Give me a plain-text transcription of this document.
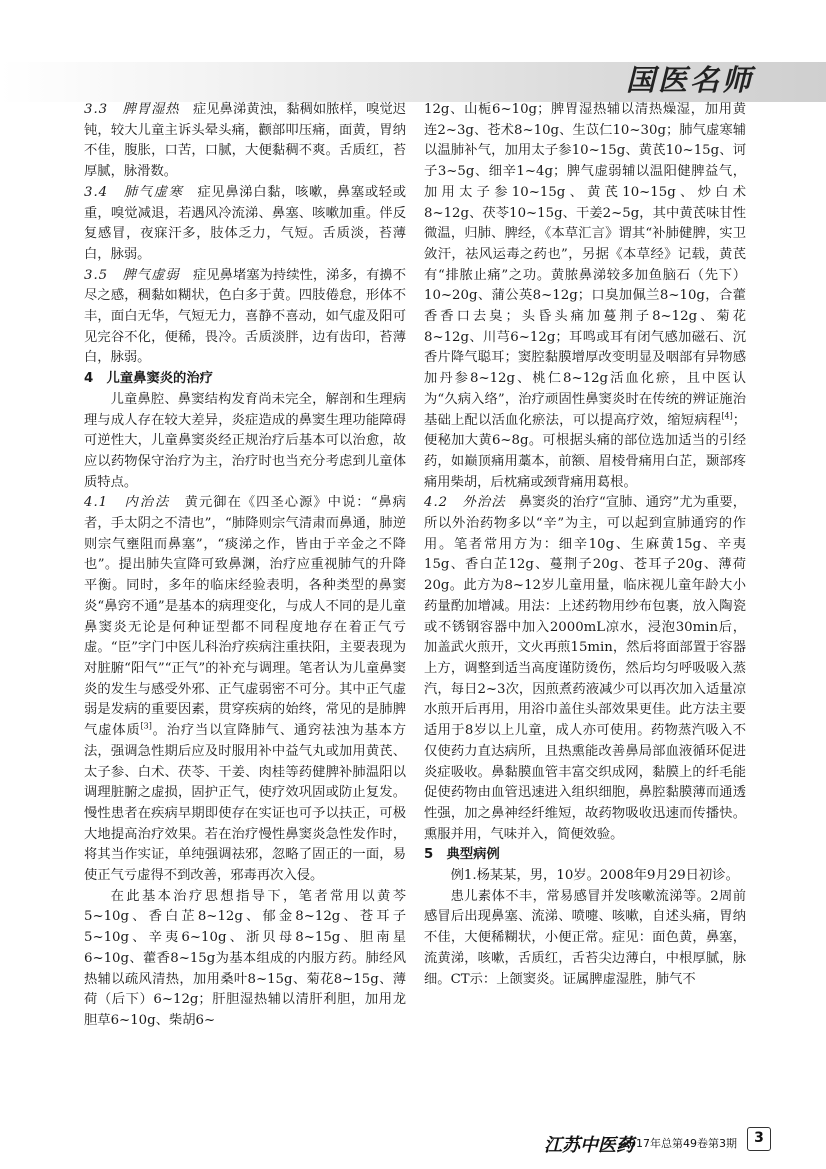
国医名师

3.3　脾胃湿热　症见鼻涕黄浊，黏稠如脓样，嗅觉迟钝，较大儿童主诉头晕头痛，颧部叩压痛，面黄，胃纳不佳，腹胀，口苦，口腻，大便黏稠不爽。舌质红，苔厚腻，脉滑数。

3.4　肺气虚寒　症见鼻涕白黏，咳嗽，鼻塞或轻或重，嗅觉减退，若遇风冷流涕、鼻塞、咳嗽加重。伴反复感冒，夜寐汗多，肢体乏力，气短。舌质淡，苔薄白，脉弱。

3.5　脾气虚弱　症见鼻堵塞为持续性，涕多，有擤不尽之感，稠黏如糊状，色白多于黄。四肢倦怠，形体不丰，面白无华，气短无力，喜静不喜动，如气虚及阳可见完谷不化，便稀，畏冷。舌质淡胖，边有齿印，苔薄白，脉弱。

4　儿童鼻窦炎的治疗

儿童鼻腔、鼻窦结构发育尚未完全，解剖和生理病理与成人存在较大差异，炎症造成的鼻窦生理功能障碍可逆性大，儿童鼻窦炎经正规治疗后基本可以治愈，故应以药物保守治疗为主，治疗时也当充分考虑到儿童体质特点。

4.1　内治法　黄元御在《四圣心源》中说：“鼻病者，手太阴之不清也”，“肺降则宗气清肃而鼻通，肺逆则宗气壅阻而鼻塞”，“痰涕之作，皆由于辛金之不降也”。提出肺失宣降可致鼻渊，治疗应重视肺气的升降平衡。同时，多年的临床经验表明，各种类型的鼻窦炎“鼻窍不通”是基本的病理变化，与成人不同的是儿童鼻窦炎无论是何种证型都不同程度地存在着正气亏虚。“臣”字门中医儿科治疗疾病注重扶阳，主要表现为对脏腑“阳气”“正气”的补充与调理。笔者认为儿童鼻窦炎的发生与感受外邪、正气虚弱密不可分。其中正气虚弱是发病的重要因素，贯穿疾病的始终，常见的是肺脾气虚体质[3]。治疗当以宣降肺气、通窍祛浊为基本方法，强调急性期后应及时服用补中益气丸或加用黄芪、太子参、白术、茯苓、干姜、肉桂等药健脾补肺温阳以调理脏腑之虚损，固护正气，使疗效巩固或防止复发。慢性患者在疾病早期即使存在实证也可予以扶正，可极大地提高治疗效果。若在治疗慢性鼻窦炎急性发作时，将其当作实证，单纯强调祛邪，忽略了固正的一面，易使正气亏虚得不到改善，邪毒再次入侵。

在此基本治疗思想指导下，笔者常用以黄芩5~10g、香白芷8~12g、郁金8~12g、苍耳子5~10g、辛夷6~10g、浙贝母8~15g、胆南星6~10g、藿香8~15g为基本组成的内服方药。肺经风热辅以疏风清热，加用桑叶8~15g、菊花8~15g、薄荷（后下）6~12g；肝胆湿热辅以清肝利胆，加用龙胆草6~10g、柴胡6~

12g、山栀6~10g；脾胃湿热辅以清热燥湿，加用黄连2~3g、苍术8~10g、生苡仁10~30g；肺气虚寒辅以温肺补气，加用太子参10~15g、黄芪10~15g、诃子3~5g、细辛1~4g；脾气虚弱辅以温阳健脾益气，加用太子参10~15g、黄芪10~15g、炒白术8~12g、茯苓10~15g、干姜2~5g，其中黄芪味甘性微温，归肺、脾经，《本草汇言》谓其“补肺健脾，实卫敛汗，祛风运毒之药也”，另据《本草经》记载，黄芪有“排脓止痛”之功。黄脓鼻涕较多加鱼脑石（先下）10~20g、蒲公英8~12g；口臭加佩兰8~10g，合藿香香口去臭；头昏头痛加蔓荆子8~12g、菊花8~12g、川芎6~12g；耳鸣或耳有闭气感加磁石、沉香片降气聪耳；窦腔黏膜增厚改变明显及咽部有异物感加丹参8~12g、桃仁8~12g活血化瘀，且中医认为“久病入络”，治疗顽固性鼻窦炎时在传统的辨证施治基础上配以活血化瘀法，可以提高疗效，缩短病程[4]；便秘加大黄6~8g。可根据头痛的部位选加适当的引经药，如巅顶痛用藁本，前额、眉棱骨痛用白芷，颞部疼痛用柴胡，后枕痛或颈背痛用葛根。

4.2　外治法　鼻窦炎的治疗“宣肺、通窍”尤为重要，所以外治药物多以“辛”为主，可以起到宣肺通窍的作用。笔者常用方为：细辛10g、生麻黄15g、辛夷15g、香白芷12g、蔓荆子20g、苍耳子20g、薄荷20g。此方为8~12岁儿童用量，临床视儿童年龄大小药量酌加增减。用法：上述药物用纱布包裹，放入陶瓷或不锈钢容器中加入2000mL凉水，浸泡30min后，加盖武火煎开，文火再煎15min，然后将面部置于容器上方，调整到适当高度谨防烫伤，然后均匀呼吸吸入蒸汽，每日2~3次，因煎煮药液减少可以再次加入适量凉水煎开后再用，用浴巾盖住头部效果更佳。此方法主要适用于8岁以上儿童，成人亦可使用。药物蒸汽吸入不仅使药力直达病所，且热熏能改善鼻局部血液循环促进炎症吸收。鼻黏膜血管丰富交织成网，黏膜上的纤毛能促使药物由血管迅速进入组织细胞，鼻腔黏膜薄而通透性强，加之鼻神经纤维短，故药物吸收迅速而传播快。熏服并用，气味并入，简便效验。

5　典型病例

例1.杨某某，男，10岁。2008年9月29日初诊。

患儿素体不丰，常易感冒并发咳嗽流涕等。2周前感冒后出现鼻塞、流涕、喷嚏、咳嗽，自述头痛，胃纳不佳，大便稀糊状，小便正常。症见：面色黄，鼻塞，流黄涕，咳嗽，舌质红，舌苔尖边薄白，中根厚腻，脉细。CT示：上颌窦炎。证属脾虚湿胜，肺气不

江苏中医药
2017年总第49卷第3期	3
